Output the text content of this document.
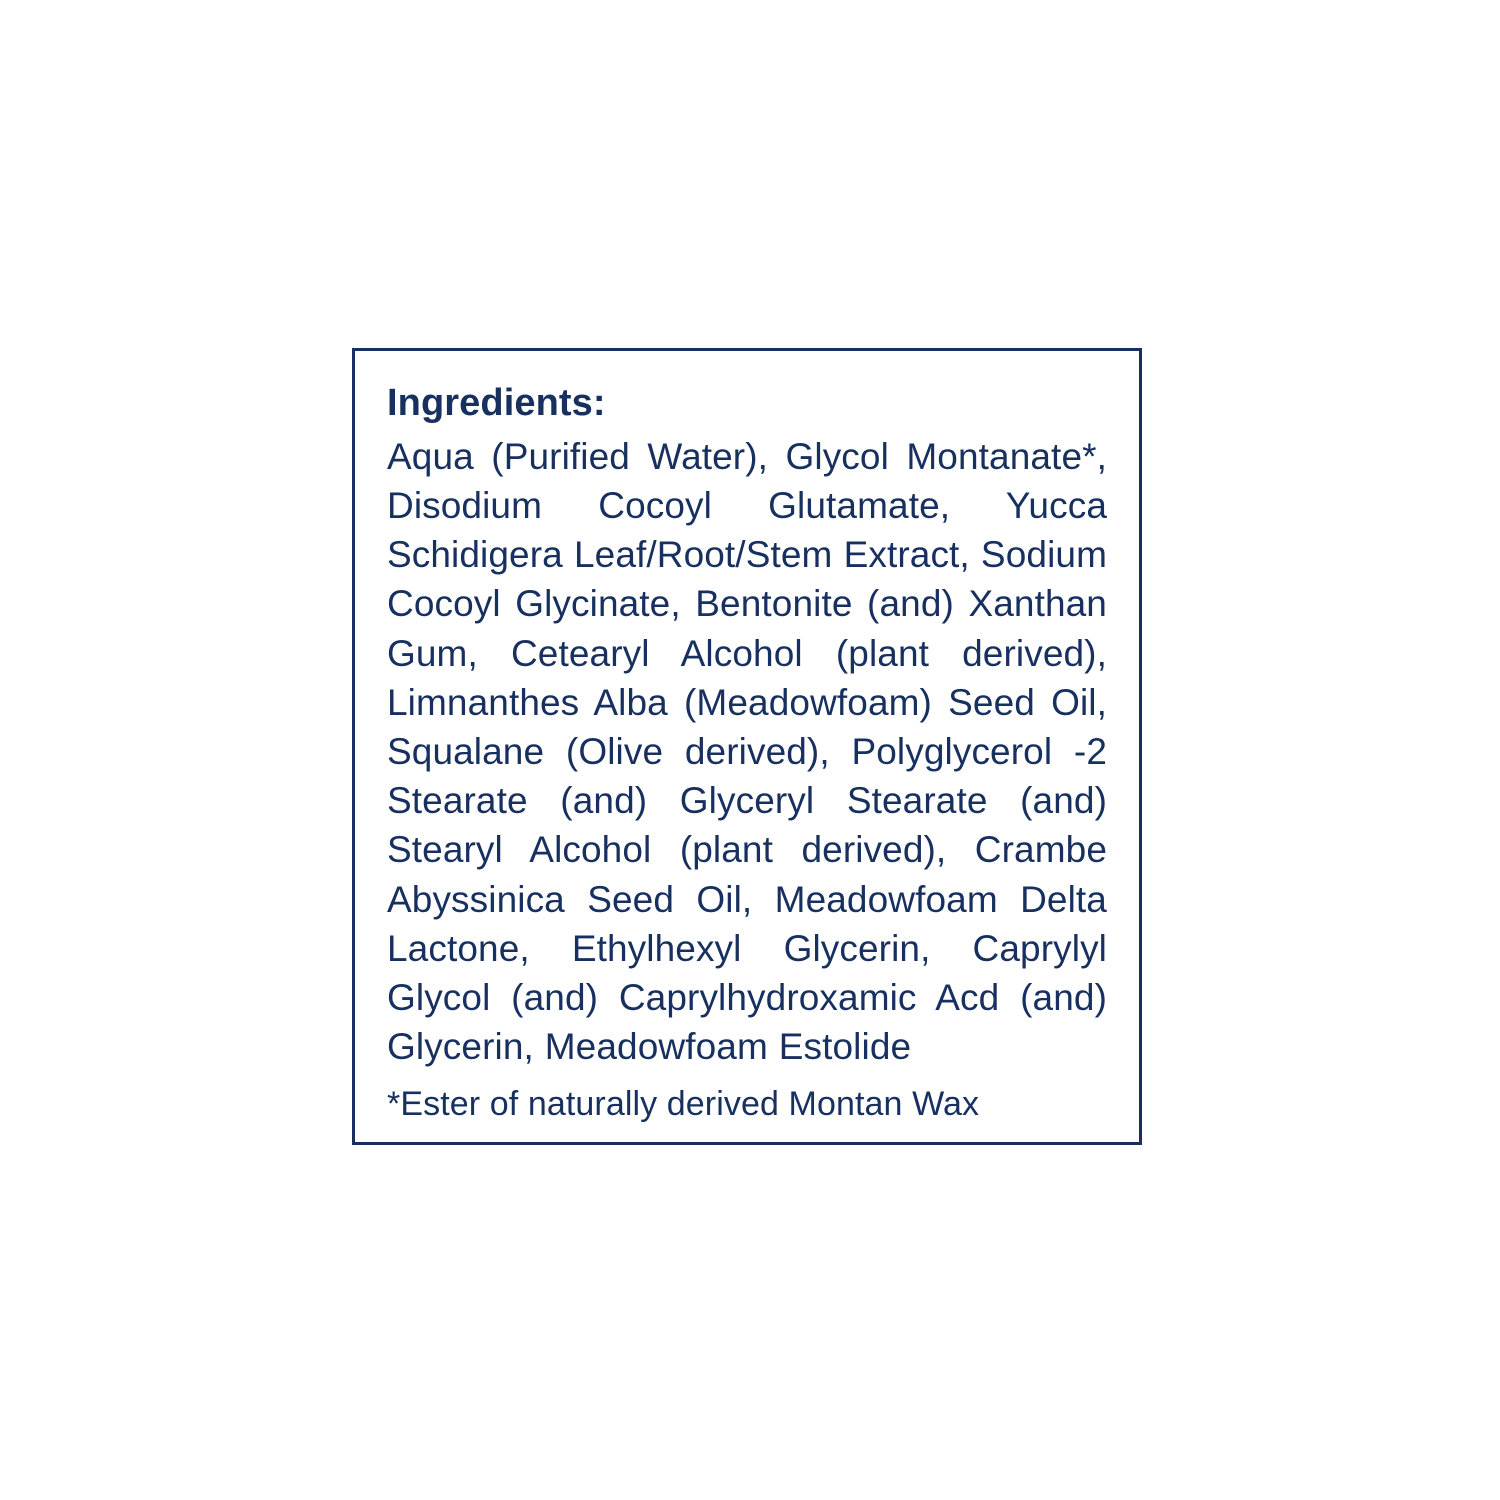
Ingredients:

Aqua (Purified Water), Glycol Montanate*, Disodium Cocoyl Glutamate, Yucca Schidigera Leaf/Root/Stem Extract, Sodium Cocoyl Glycinate, Bentonite (and) Xanthan Gum, Cetearyl Alcohol (plant derived), Limnanthes Alba (Meadowfoam) Seed Oil, Squalane (Olive derived), Polyglycerol -2 Stearate (and) Glyceryl Stearate (and) Stearyl Alcohol (plant derived), Crambe Abyssinica Seed Oil, Meadowfoam Delta Lactone, Ethylhexyl Glycerin, Caprylyl Glycol (and) Caprylhydroxamic Acd (and) Glycerin, Meadowfoam Estolide

*Ester of naturally derived Montan Wax
